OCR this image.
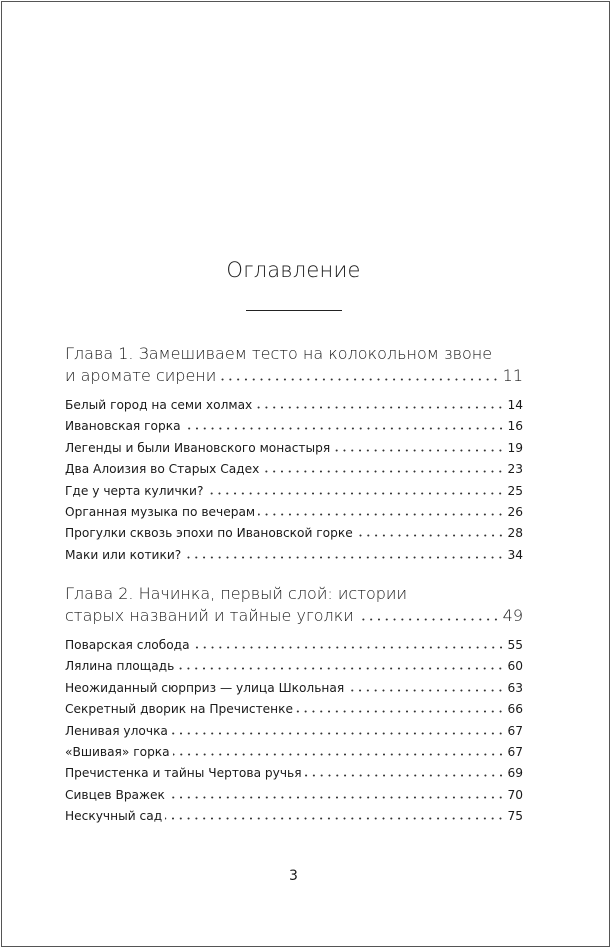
Оглавление
Глава 1. Замешиваем тесто на колокольном звоне
и аромате сирени	11
Белый город на семи холмах	14
Ивановская горка	16
Легенды и были Ивановского монастыря	19
Два Алоизия во Старых Садех	23
Где у черта кулички?	25
Органная музыка по вечерам	26
Прогулки сквозь эпохи по Ивановской горке	28
Маки или котики?	34
Глава 2. Начинка, первый слой: истории
старых названий и тайные уголки	49
Поварская слобода	55
Лялина площадь	60
Неожиданный сюрприз — улица Школьная	63
Секретный дворик на Пречистенке	66
Ленивая улочка	67
«Вшивая» горка	67
Пречистенка и тайны Чертова ручья	69
Сивцев Вражек	70
Нескучный сад	75
3
